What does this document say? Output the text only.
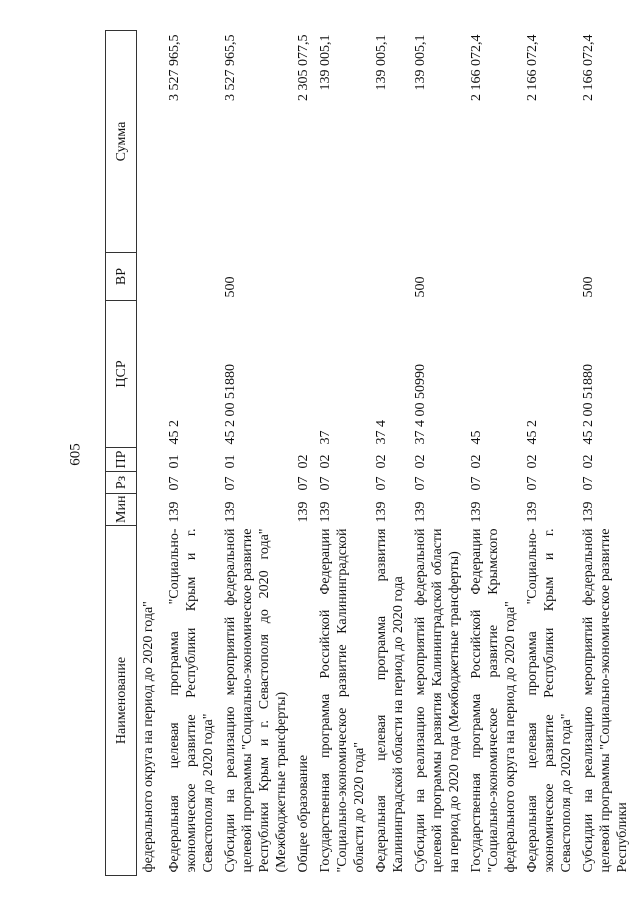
605
Наименование	Мин	Рз	ПР	ЦСР	ВР	Сумма
федерального округа на период до 2020 года"						
Федеральная целевая программа "Социально-экономическое развитие Республики Крым и г. Севастополя до 2020 года"	139	07	01	45 2		3 527 965,5
Субсидии на реализацию мероприятий федеральной целевой программы "Социально-экономическое развитие Республики Крым и г. Севастополя до 2020 года" (Межбюджетные трансферты)	139	07	01	45 2 00 51880	500	3 527 965,5
Общее образование	139	07	02			2 305 077,5
Государственная программа Российской Федерации "Социально-экономическое развитие Калининградской области до 2020 года"	139	07	02	37		139 005,1
Федеральная целевая программа развития Калининградской области на период до 2020 года	139	07	02	37 4		139 005,1
Субсидии на реализацию мероприятий федеральной целевой программы развития Калининградской области на период до 2020 года (Межбюджетные трансферты)	139	07	02	37 4 00 50990	500	139 005,1
Государственная программа Российской Федерации "Социально-экономическое развитие Крымского федерального округа на период до 2020 года"	139	07	02	45		2 166 072,4
Федеральная целевая программа "Социально-экономическое развитие Республики Крым и г. Севастополя до 2020 года"	139	07	02	45 2		2 166 072,4
Субсидии на реализацию мероприятий федеральной целевой программы "Социально-экономическое развитие Республики	139	07	02	45 2 00 51880	500	2 166 072,4
